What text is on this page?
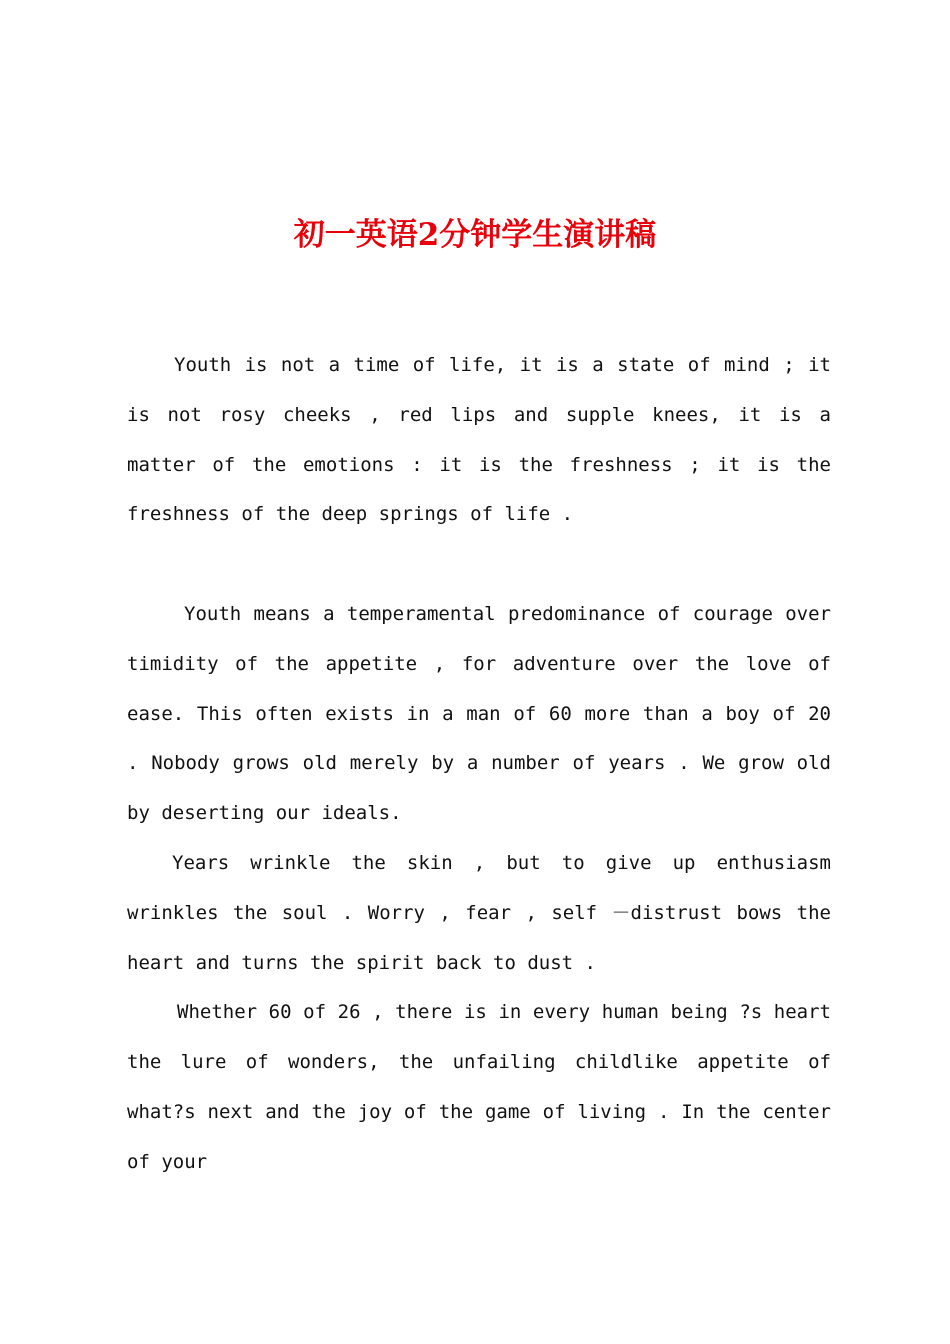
初一英语2分钟学生演讲稿

Youth is not a time of life, it is a state of mind ; it is not rosy cheeks , red lips and supple knees, it is a matter of the emotions : it is the freshness ; it is the freshness of the deep springs of life .

Youth means a temperamental predominance of courage over timidity of the appetite , for adventure over the love of ease. This often exists in a man of 60 more than a boy of 20 . Nobody grows old merely by a number of years . We grow old by deserting our ideals.

Years wrinkle the skin , but to give up enthusiasm wrinkles the soul . Worry , fear , self －distrust bows the heart and turns the spirit back to dust .

Whether 60 of 26 , there is in every human being ?s heart the lure of wonders, the unfailing childlike appetite of what?s next and the joy of the game of living . In the center of your
